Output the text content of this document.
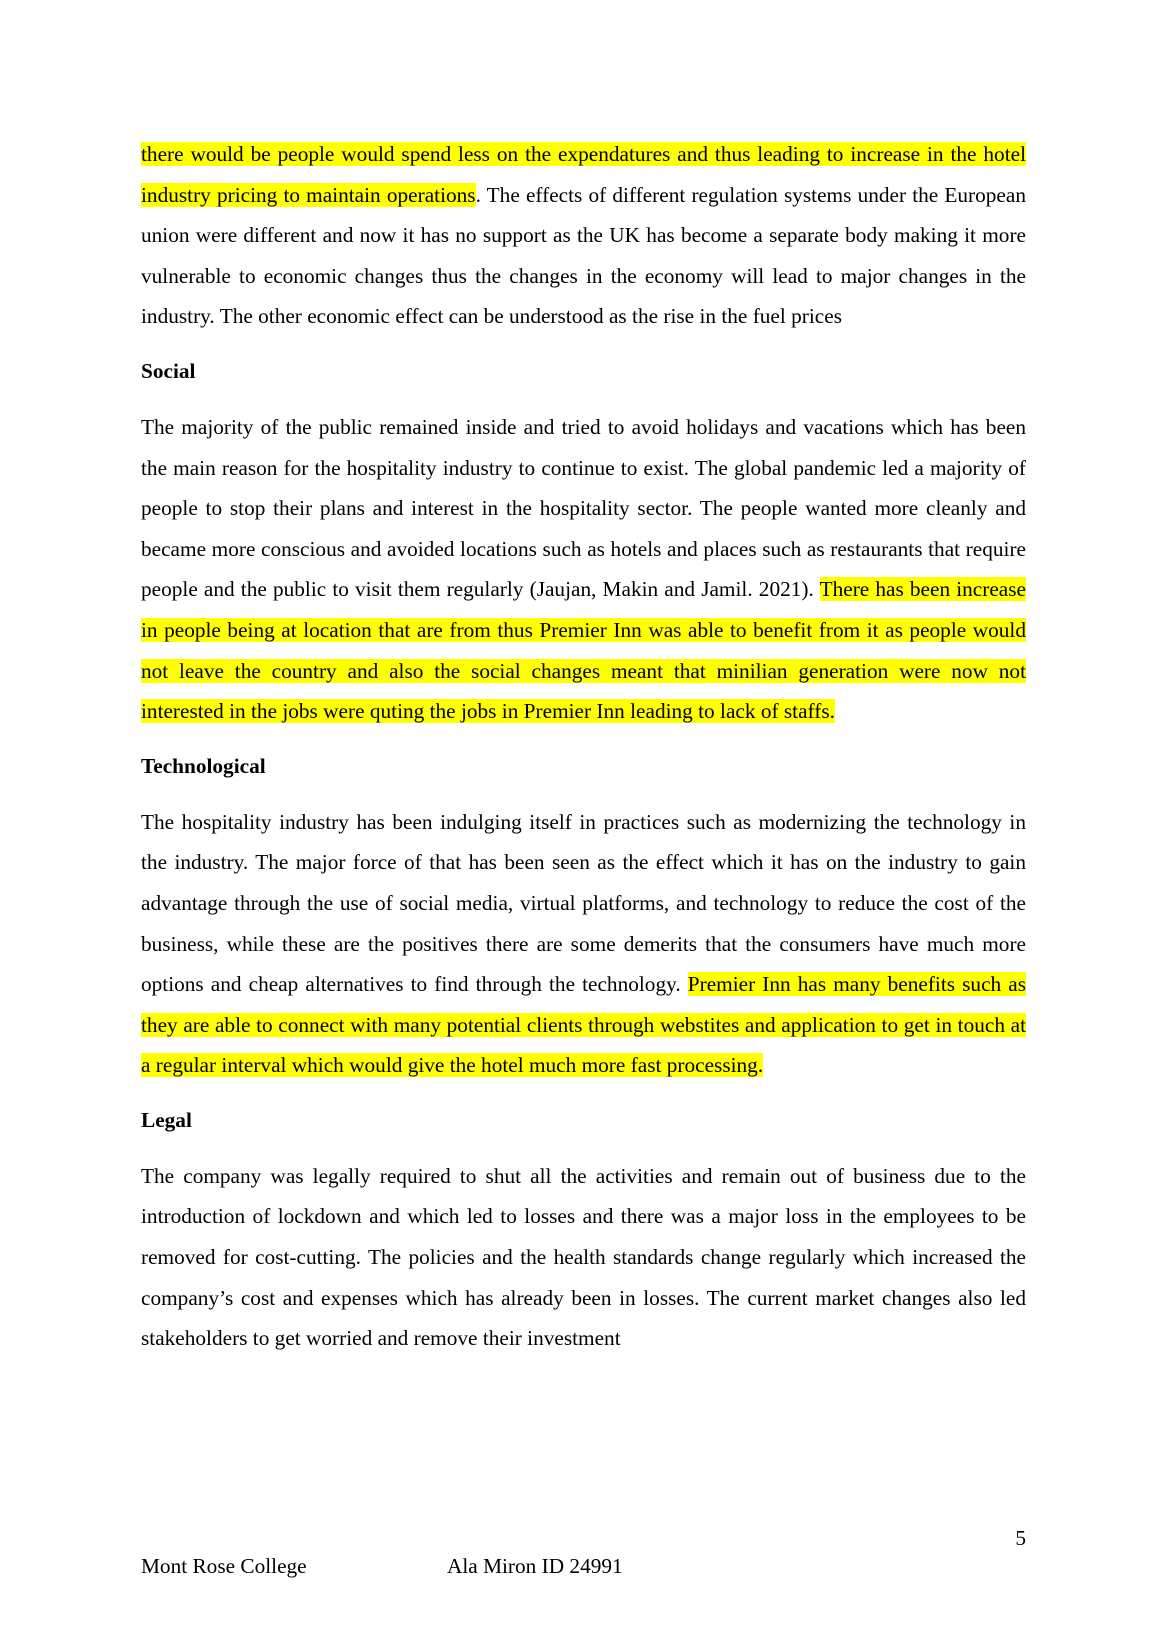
there would be people would spend less on the expendatures and thus leading to increase in the hotel industry pricing to maintain operations. The effects of different regulation systems under the European union were different and now it has no support as the UK has become a separate body making it more vulnerable to economic changes thus the changes in the economy will lead to major changes in the industry. The other economic effect can be understood as the rise in the fuel prices

Social

The majority of the public remained inside and tried to avoid holidays and vacations which has been the main reason for the hospitality industry to continue to exist. The global pandemic led a majority of people to stop their plans and interest in the hospitality sector. The people wanted more cleanly and became more conscious and avoided locations such as hotels and places such as restaurants that require people and the public to visit them regularly (Jaujan, Makin and Jamil. 2021). There has been increase in people being at location that are from thus Premier Inn was able to benefit from it as people would not leave the country and also the social changes meant that minilian generation were now not interested in the jobs were quting the jobs in Premier Inn leading to lack of staffs.

Technological

The hospitality industry has been indulging itself in practices such as modernizing the technology in the industry. The major force of that has been seen as the effect which it has on the industry to gain advantage through the use of social media, virtual platforms, and technology to reduce the cost of the business, while these are the positives there are some demerits that the consumers have much more options and cheap alternatives to find through the technology. Premier Inn has many benefits such as they are able to connect with many potential clients through webstites and application to get in touch at a regular interval which would give the hotel much more fast processing.

Legal

The company was legally required to shut all the activities and remain out of business due to the introduction of lockdown and which led to losses and there was a major loss in the employees to be removed for cost-cutting. The policies and the health standards change regularly which increased the company’s cost and expenses which has already been in losses. The current market changes also led stakeholders to get worried and remove their investment

5
Mont Rose College	Ala Miron ID 24991
